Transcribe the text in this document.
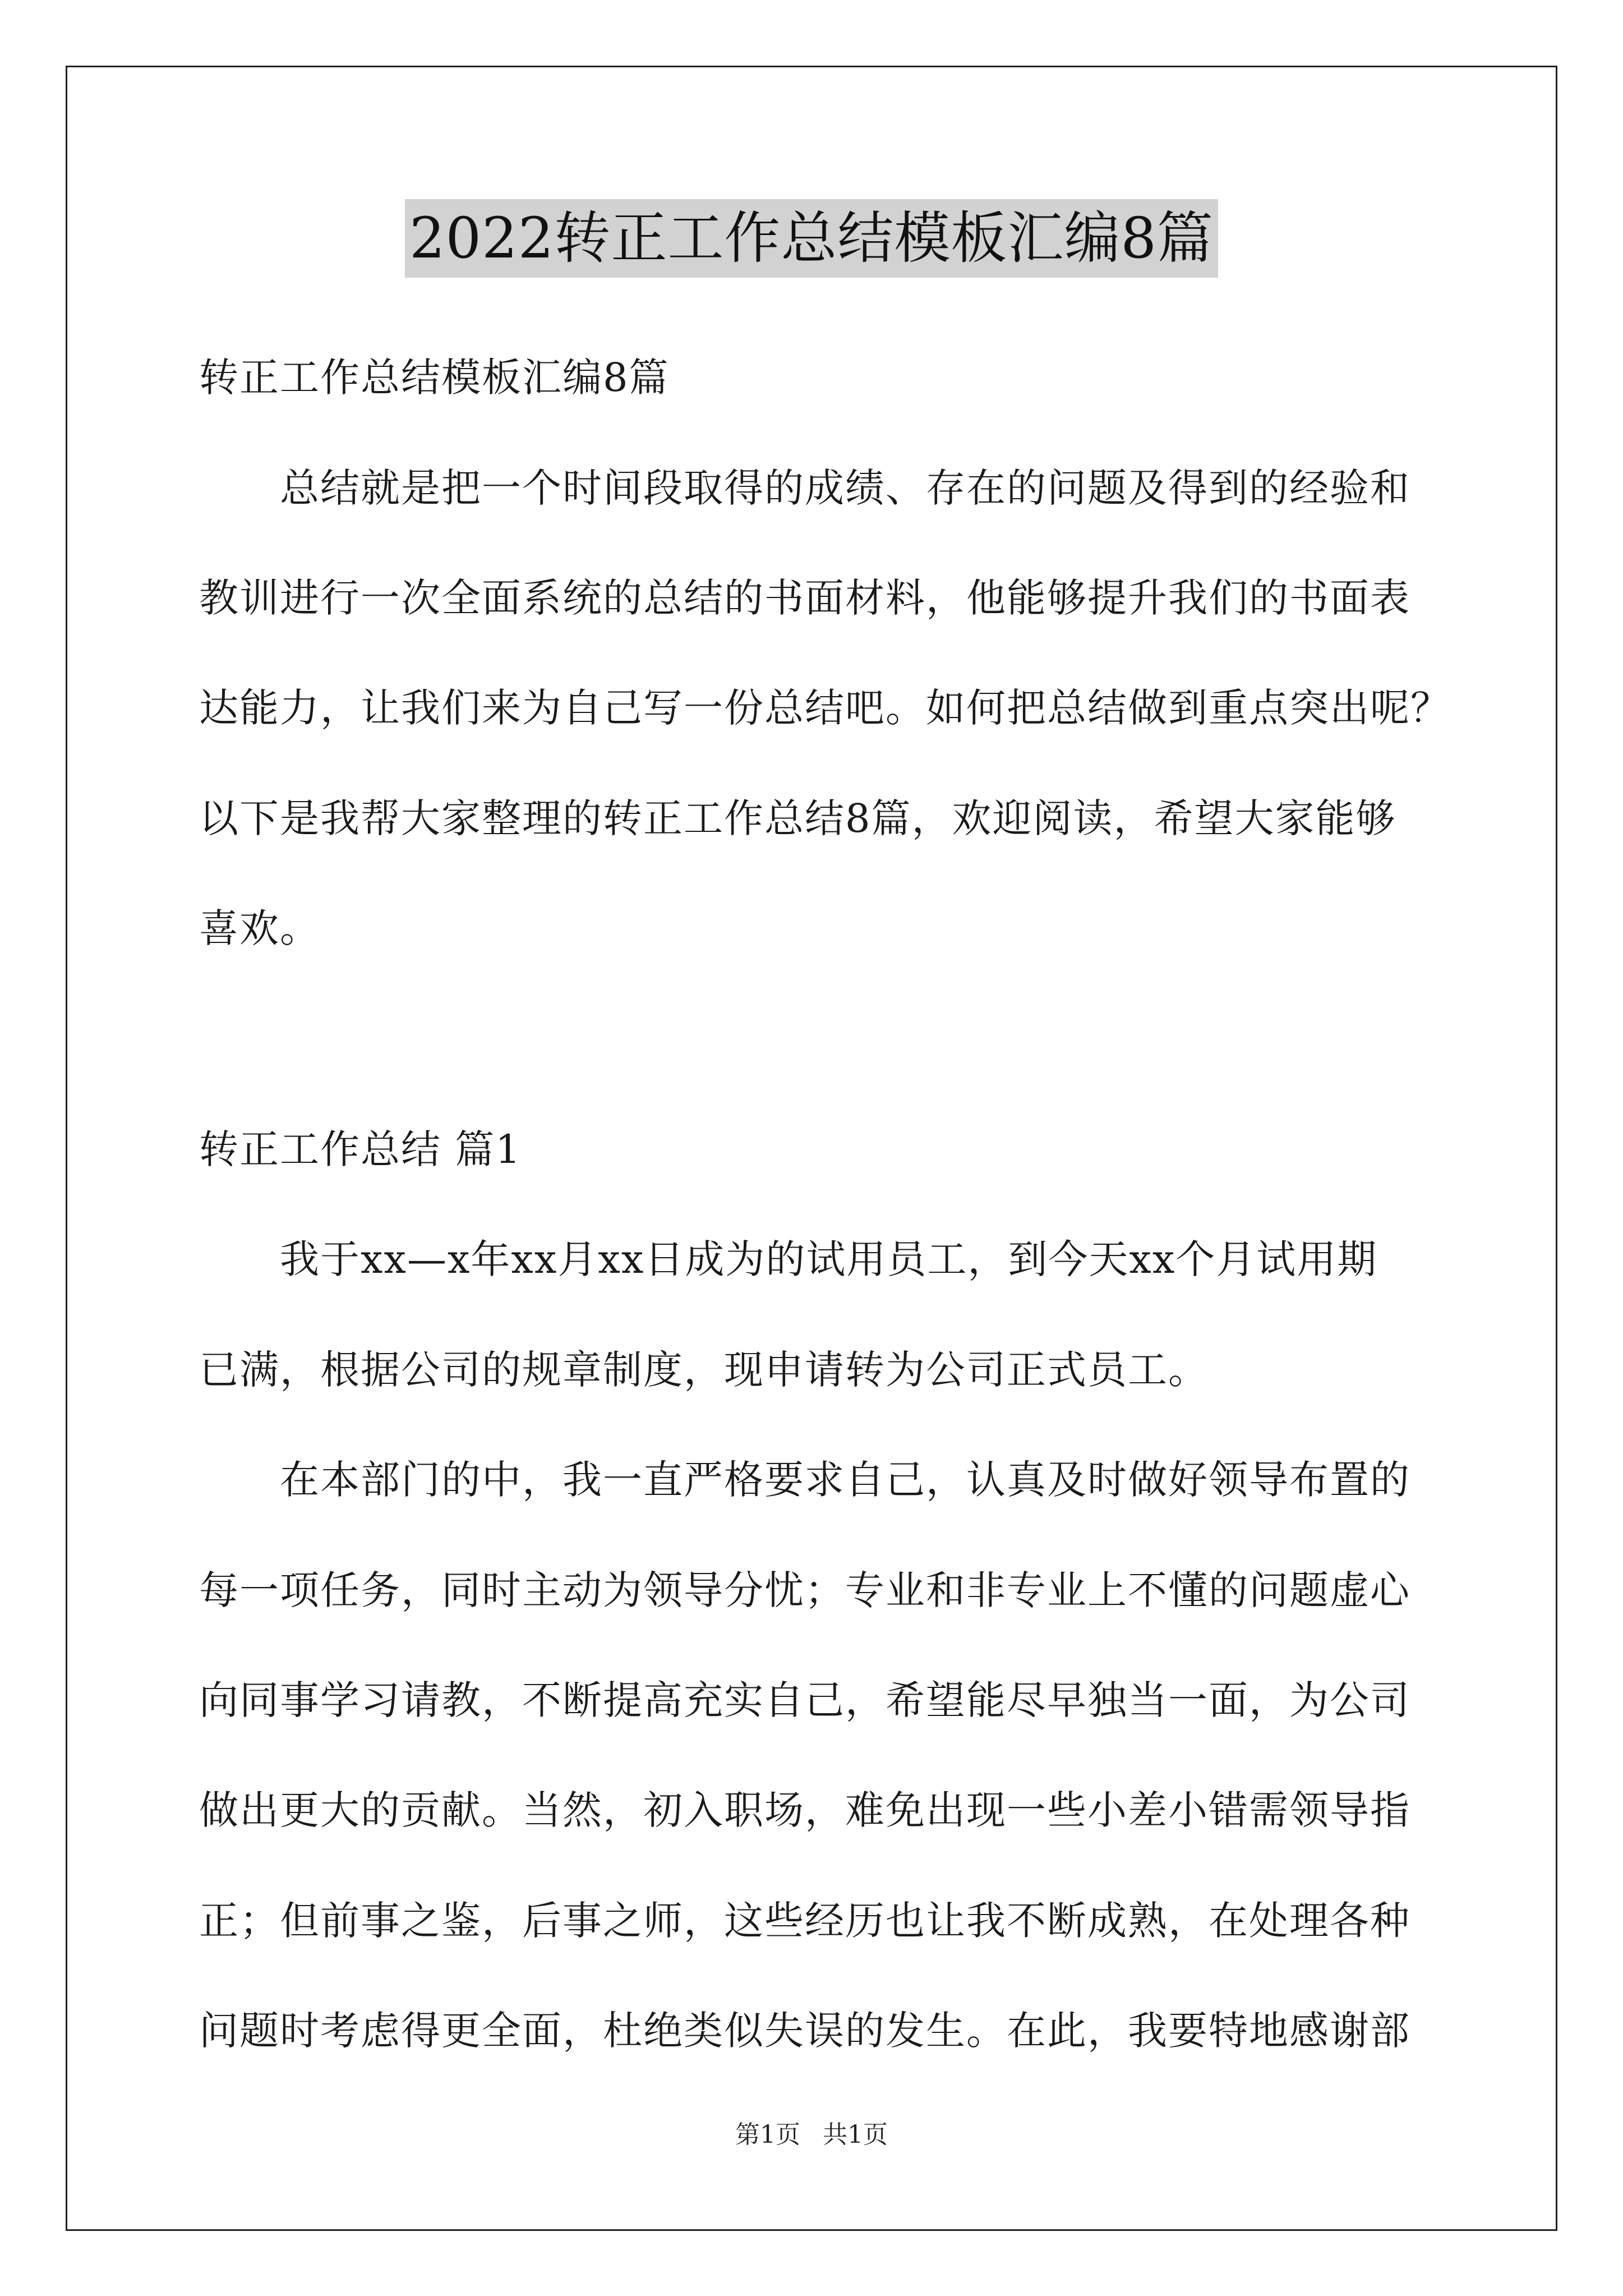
2022转正工作总结模板汇编8篇
转正工作总结模板汇编8篇
　　总结就是把一个时间段取得的成绩、存在的问题及得到的经验和
教训进行一次全面系统的总结的书面材料，他能够提升我们的书面表
达能力，让我们来为自己写一份总结吧。如何把总结做到重点突出呢？
以下是我帮大家整理的转正工作总结8篇，欢迎阅读，希望大家能够
喜欢。
转正工作总结 篇1
　　我于xx—x年xx月xx日成为的试用员工，到今天xx个月试用期
已满，根据公司的规章制度，现申请转为公司正式员工。
　　在本部门的中，我一直严格要求自己，认真及时做好领导布置的
每一项任务，同时主动为领导分忧；专业和非专业上不懂的问题虚心
向同事学习请教，不断提高充实自己，希望能尽早独当一面，为公司
做出更大的贡献。当然，初入职场，难免出现一些小差小错需领导指
正；但前事之鉴，后事之师，这些经历也让我不断成熟，在处理各种
问题时考虑得更全面，杜绝类似失误的发生。在此，我要特地感谢部
第1页 共1页
